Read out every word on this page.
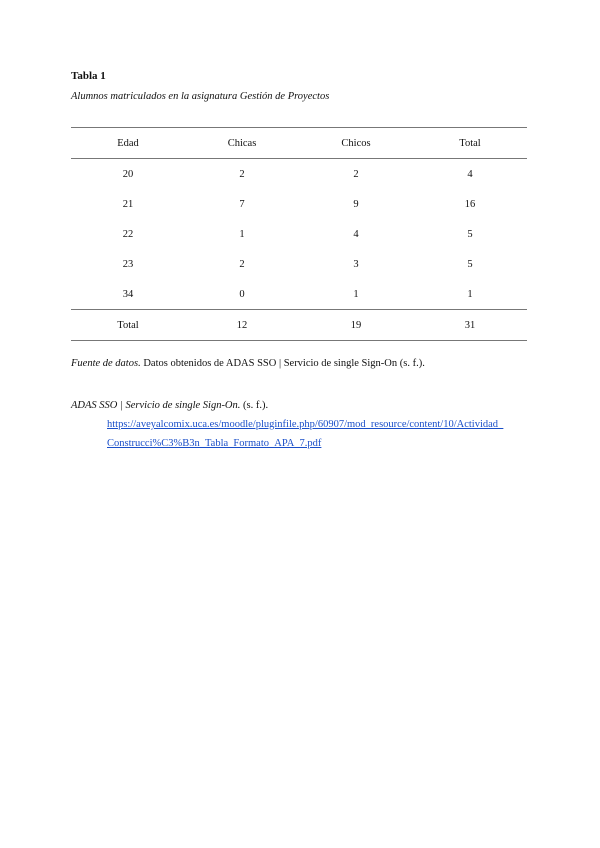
Tabla 1
Alumnos matriculados en la asignatura Gestión de Proyectos
Edad	Chicas	Chicos	Total
20	2	2	4
21	7	9	16
22	1	4	5
23	2	3	5
34	0	1	1
Total	12	19	31
Fuente de datos. Datos obtenidos de ADAS SSO | Servicio de single Sign-On (s. f.).
ADAS SSO | Servicio de single Sign-On. (s. f.).
https://aveyalcomix.uca.es/moodle/pluginfile.php/60907/mod_resource/content/10/Actividad_
Construcci%C3%B3n_Tabla_Formato_APA_7.pdf
